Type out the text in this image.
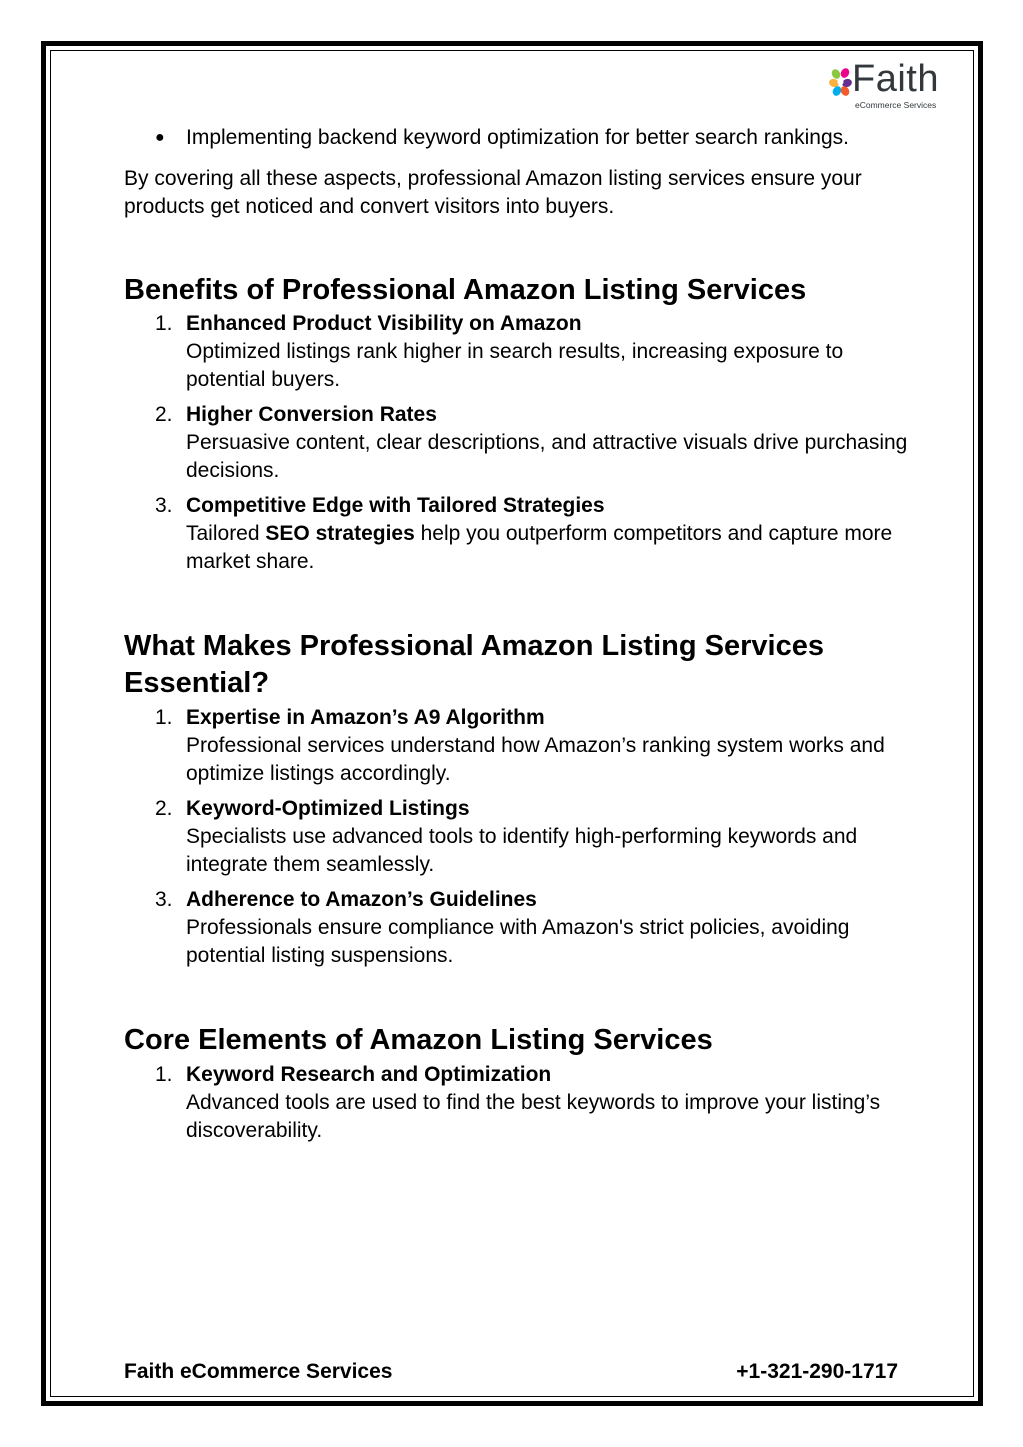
Faith
eCommerce Services
● Implementing backend keyword optimization for better search rankings.

By covering all these aspects, professional Amazon listing services ensure your products get noticed and convert visitors into buyers.

Benefits of Professional Amazon Listing Services
1. Enhanced Product Visibility on Amazon
Optimized listings rank higher in search results, increasing exposure to potential buyers.
2. Higher Conversion Rates
Persuasive content, clear descriptions, and attractive visuals drive purchasing decisions.
3. Competitive Edge with Tailored Strategies
Tailored SEO strategies help you outperform competitors and capture more market share.
What Makes Professional Amazon Listing Services Essential?
1. Expertise in Amazon’s A9 Algorithm
Professional services understand how Amazon’s ranking system works and optimize listings accordingly.
2. Keyword-Optimized Listings
Specialists use advanced tools to identify high-performing keywords and integrate them seamlessly.
3. Adherence to Amazon’s Guidelines
Professionals ensure compliance with Amazon's strict policies, avoiding potential listing suspensions.
Core Elements of Amazon Listing Services
1. Keyword Research and Optimization
Advanced tools are used to find the best keywords to improve your listing’s discoverability.
Faith eCommerce Services	+1-321-290-1717
